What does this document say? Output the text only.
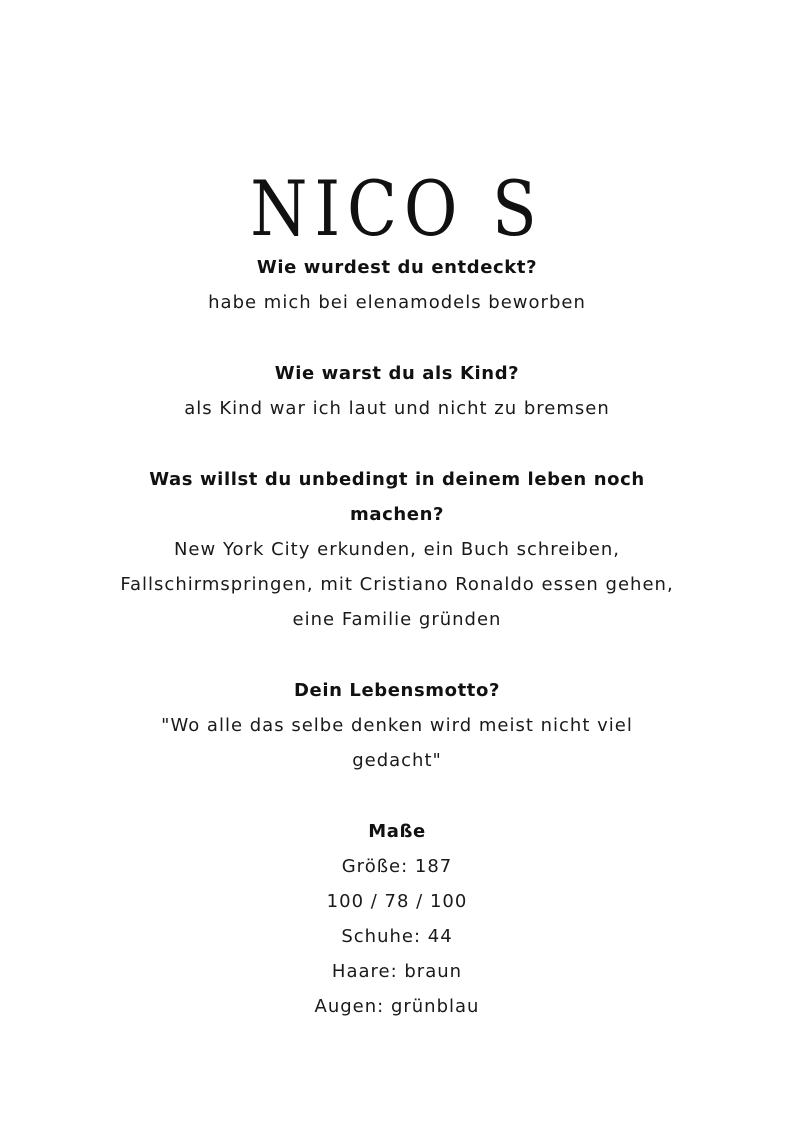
NICO S
Wie wurdest du entdeckt?
habe mich bei elenamodels beworben
Wie warst du als Kind?
als Kind war ich laut und nicht zu bremsen
Was willst du unbedingt in deinem leben noch
machen?
New York City erkunden, ein Buch schreiben,
Fallschirmspringen, mit Cristiano Ronaldo essen gehen,
eine Familie gründen
Dein Lebensmotto?
"Wo alle das selbe denken wird meist nicht viel
gedacht"
Maße
Größe: 187
100 / 78 / 100
Schuhe: 44
Haare: braun
Augen: grünblau
